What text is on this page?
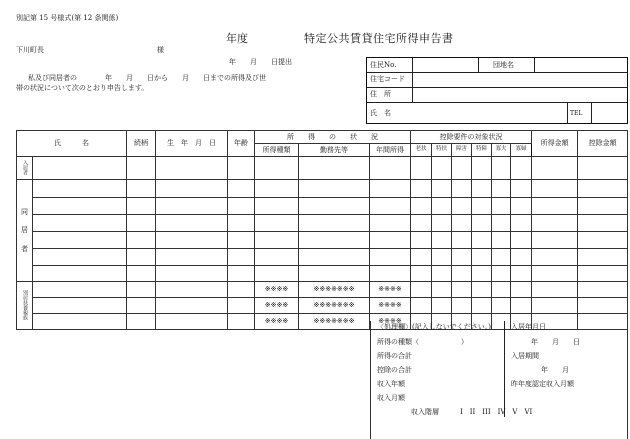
別記第 15 号様式(第 12 条関係)
年度	特定公共賃貸住宅所得申告書
下川町長	様
年　　月　　日提出
私及び同居者の　　　　年　　月　　日から　　月　　日までの所得及び世
帯の状況について次のとおり申告します。
住民No.	団地名
住宅コード
住　所
氏　名	TEL
氏　　　名		続柄	生　年　月　日	年齢	所　　得　　の　　状　　況			控除要件の対象状況						所得金額	控除金額
					所得種類	勤務先等	年間所得	老扶	特扶	障害	特障	寡夫	寡婦		
入居者															

同
居
者															

別居扶養親族					※※※※	※※※※※※※	※※※※								
					※※※※	※※※※※※※	※※※※								
					※※※※	※※※※※※※	※※※※								
〈処理欄〉(記入しないでください。)
所得の種類（　　　　　　）
所得の合計
控除の合計
収入年額
収入月額
収入階層	I　II　III　IV　V　VI
入居年月日
年　　月　　日
入居期間
年　　月
昨年度認定収入月額
